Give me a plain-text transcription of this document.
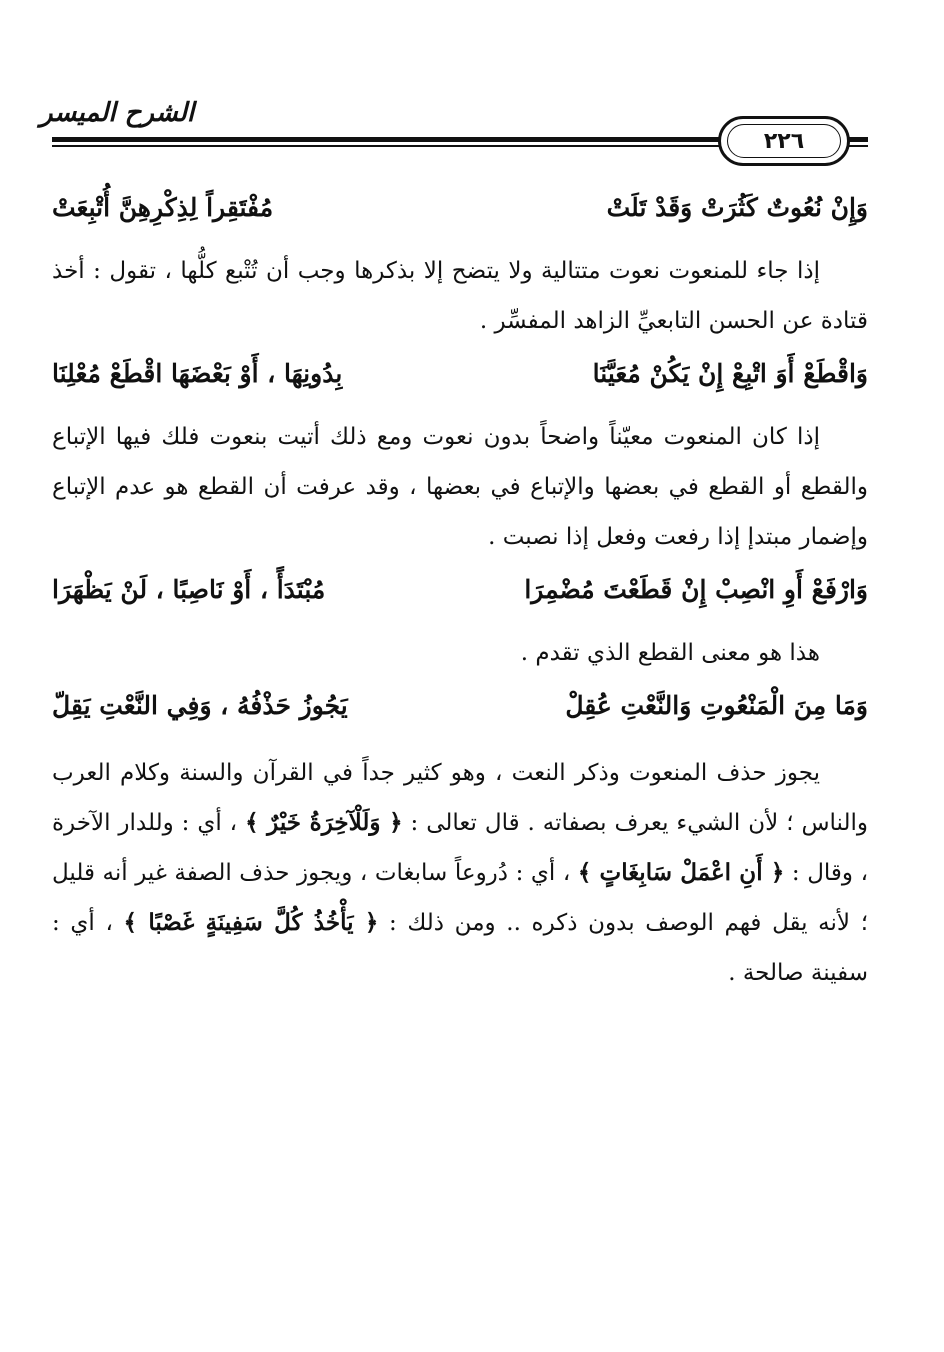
الشرح الميسر
٢٢٦
وَإِنْ نُعُوتٌ كَثُرَتْ وَقَدْ تَلَتْ
مُفْتَقِراً لِذِكْرِهِنَّ أُتْبِعَتْ

إذا جاء للمنعوت نعوت متتالية ولا يتضح إلا بذكرها وجب أن تُتْبع كلُّها ، تقول : أخذ قتادة عن الحسن التابعيِّ الزاهد المفسِّر .

وَاقْطَعْ أَوَ اتْبِعْ إِنْ يَكُنْ مُعَيَّنَا
بِدُونِهَا ، أَوْ بَعْضَهَا اقْطَعْ مُعْلِنَا

إذا كان المنعوت معيّناً واضحاً بدون نعوت ومع ذلك أتيت بنعوت فلك فيها الإتباع والقطع أو القطع في بعضها والإتباع في بعضها ، وقد عرفت أن القطع هو عدم الإتباع وإضمار مبتدإ إذا رفعت وفعل إذا نصبت .

وَارْفَعْ أَوِ انْصِبْ إِنْ قَطَعْتَ مُضْمِرَا
مُبْتَدَأً ، أَوْ نَاصِبًا ، لَنْ يَظْهَرَا

هذا هو معنى القطع الذي تقدم .

وَمَا مِنَ الْمَنْعُوتِ وَالنَّعْتِ عُقِلْ
يَجُوزُ حَذْفُهُ ، وَفِي النَّعْتِ يَقِلّ

يجوز حذف المنعوت وذكر النعت ، وهو كثير جداً في القرآن والسنة وكلام العرب والناس ؛ لأن الشيء يعرف بصفاته . قال تعالى : ﴿ وَلَلْآخِرَةُ خَيْرٌ ﴾ ، أي : وللدار الآخرة ، وقال : ﴿ أَنِ اعْمَلْ سَابِغَاتٍ ﴾ ، أي : دُروعاً سابغات ، ويجوز حذف الصفة غير أنه قليل ؛ لأنه يقل فهم الوصف بدون ذكره .. ومن ذلك : ﴿ يَأْخُذُ كُلَّ سَفِينَةٍ غَصْبًا ﴾ ، أي : سفينة صالحة .
